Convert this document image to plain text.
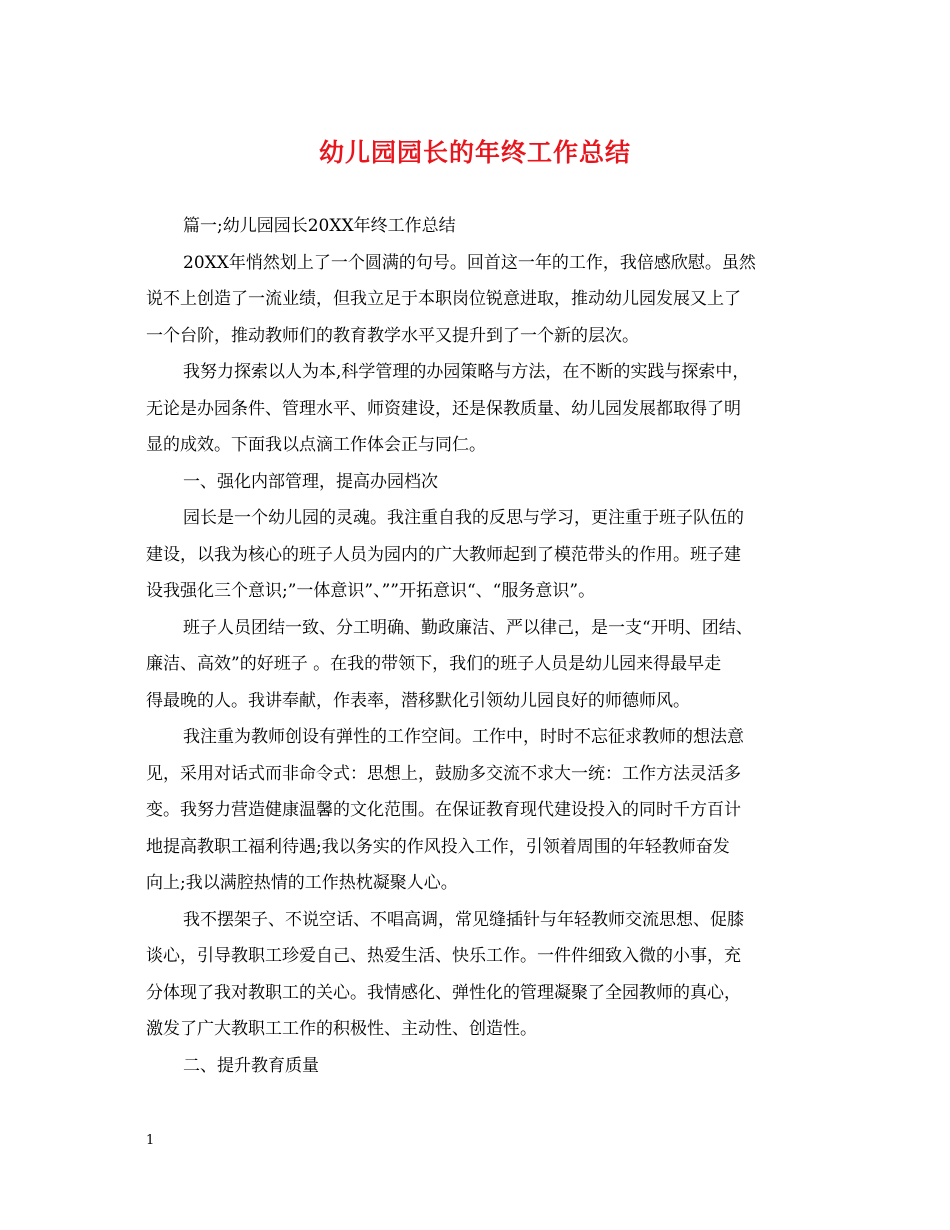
幼儿园园长的年终工作总结
篇一;幼儿园园长20XX年终工作总结
20XX年悄然划上了一个圆满的句号。回首这一年的工作，我倍感欣慰。虽然
说不上创造了一流业绩，但我立足于本职岗位锐意进取，推动幼儿园发展又上了
一个台阶，推动教师们的教育教学水平又提升到了一个新的层次。
我努力探索以人为本,科学管理的办园策略与方法，在不断的实践与探索中，
无论是办园条件、管理水平、师资建设，还是保教质量、幼儿园发展都取得了明
显的成效。下面我以点滴工作体会正与同仁。
一、强化内部管理，提高办园档次
园长是一个幼儿园的灵魂。我注重自我的反思与学习，更注重于班子队伍的
建设，以我为核心的班子人员为园内的广大教师起到了模范带头的作用。班子建
设我强化三个意识;”一体意识”、””开拓意识“、“服务意识”。
班子人员团结一致、分工明确、勤政廉洁、严以律己，是一支“开明、团结、
廉洁、高效”的好班子 。在我的带领下，我们的班子人员是幼儿园来得最早走
得最晚的人。我讲奉献，作表率，潜移默化引领幼儿园良好的师德师风。
我注重为教师创设有弹性的工作空间。工作中，时时不忘征求教师的想法意
见，采用对话式而非命令式：思想上，鼓励多交流不求大一统：工作方法灵活多
变。我努力营造健康温馨的文化范围。在保证教育现代建设投入的同时千方百计
地提高教职工福利待遇;我以务实的作风投入工作，引领着周围的年轻教师奋发
向上;我以满腔热情的工作热枕凝聚人心。
我不摆架子、不说空话、不唱高调，常见缝插针与年轻教师交流思想、促膝
谈心，引导教职工珍爱自己、热爱生活、快乐工作。一件件细致入微的小事，充
分体现了我对教职工的关心。我情感化、弹性化的管理凝聚了全园教师的真心，
激发了广大教职工工作的积极性、主动性、创造性。
二、提升教育质量
1
